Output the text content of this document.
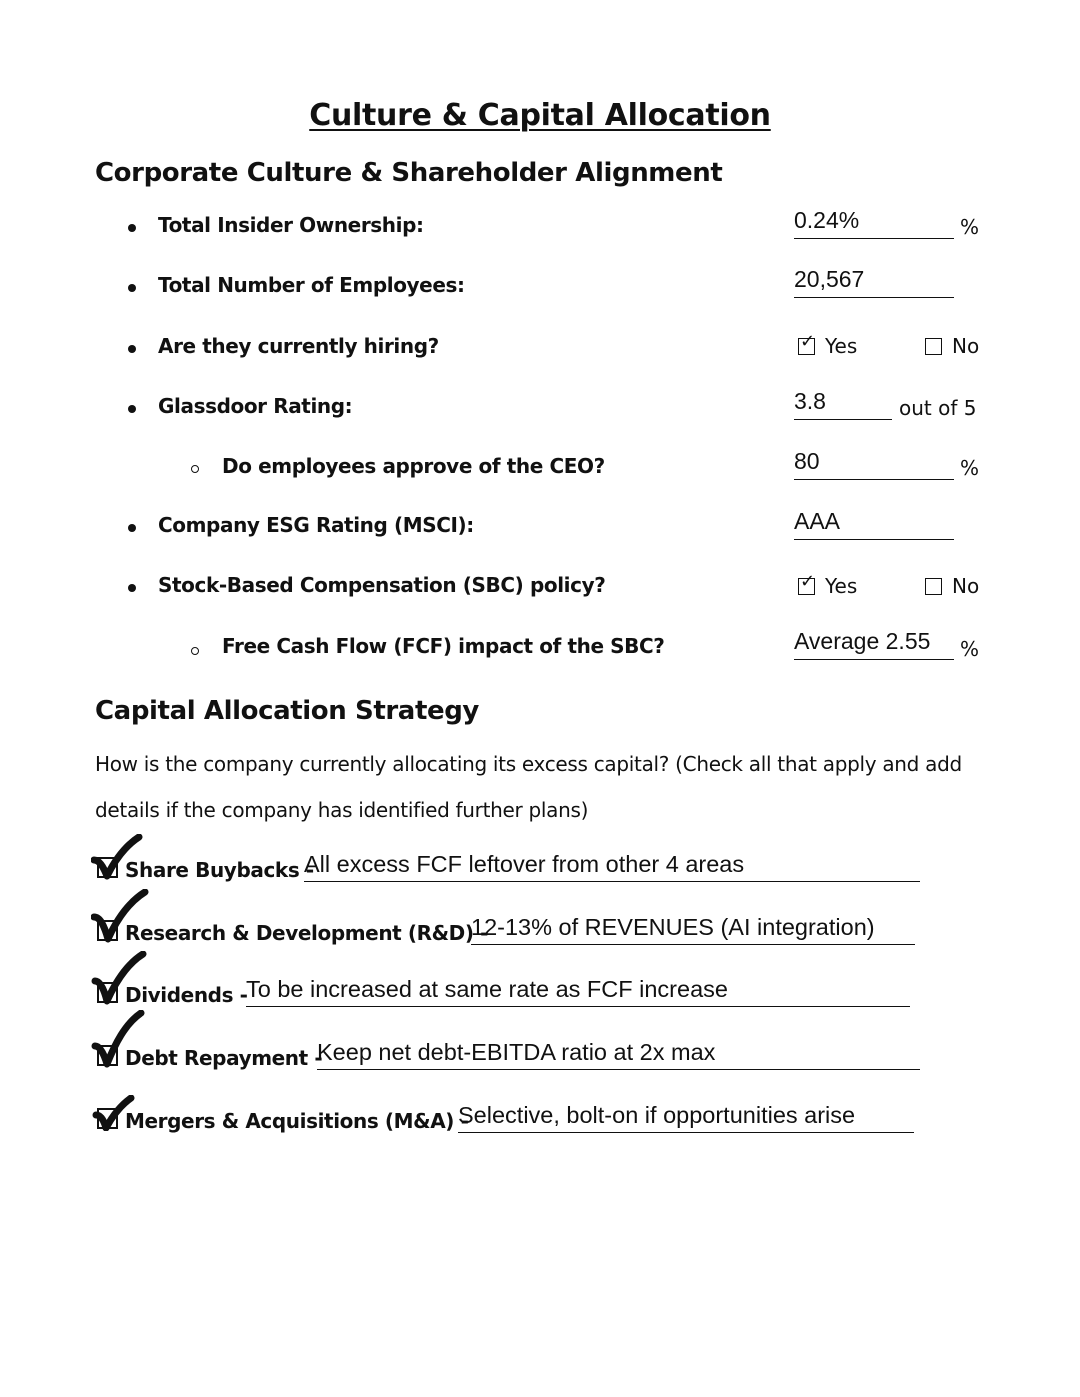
Culture & Capital Allocation
Corporate Culture & Shareholder Alignment
Total Insider Ownership:	0.24%	%
Total Number of Employees:	20,567
Are they currently hiring?	✓ Yes	No
Glassdoor Rating:	3.8	out of 5
Do employees approve of the CEO?	80	%
Company ESG Rating (MSCI):	AAA
Stock-Based Compensation (SBC) policy?	✓ Yes	No
Free Cash Flow (FCF) impact of the SBC?	Average 2.55 %
Capital Allocation Strategy
How is the company currently allocating its excess capital? (Check all that apply and add
details if the company has identified further plans)
Share Buybacks -
All excess FCF leftover from other 4 areas
Research & Development (R&D) -
12-13% of REVENUES (AI integration)
Dividends -
To be increased at same rate as FCF increase
Debt Repayment -
Keep net debt-EBITDA ratio at 2x max
Mergers & Acquisitions (M&A) -
Selective, bolt-on if opportunities arise
